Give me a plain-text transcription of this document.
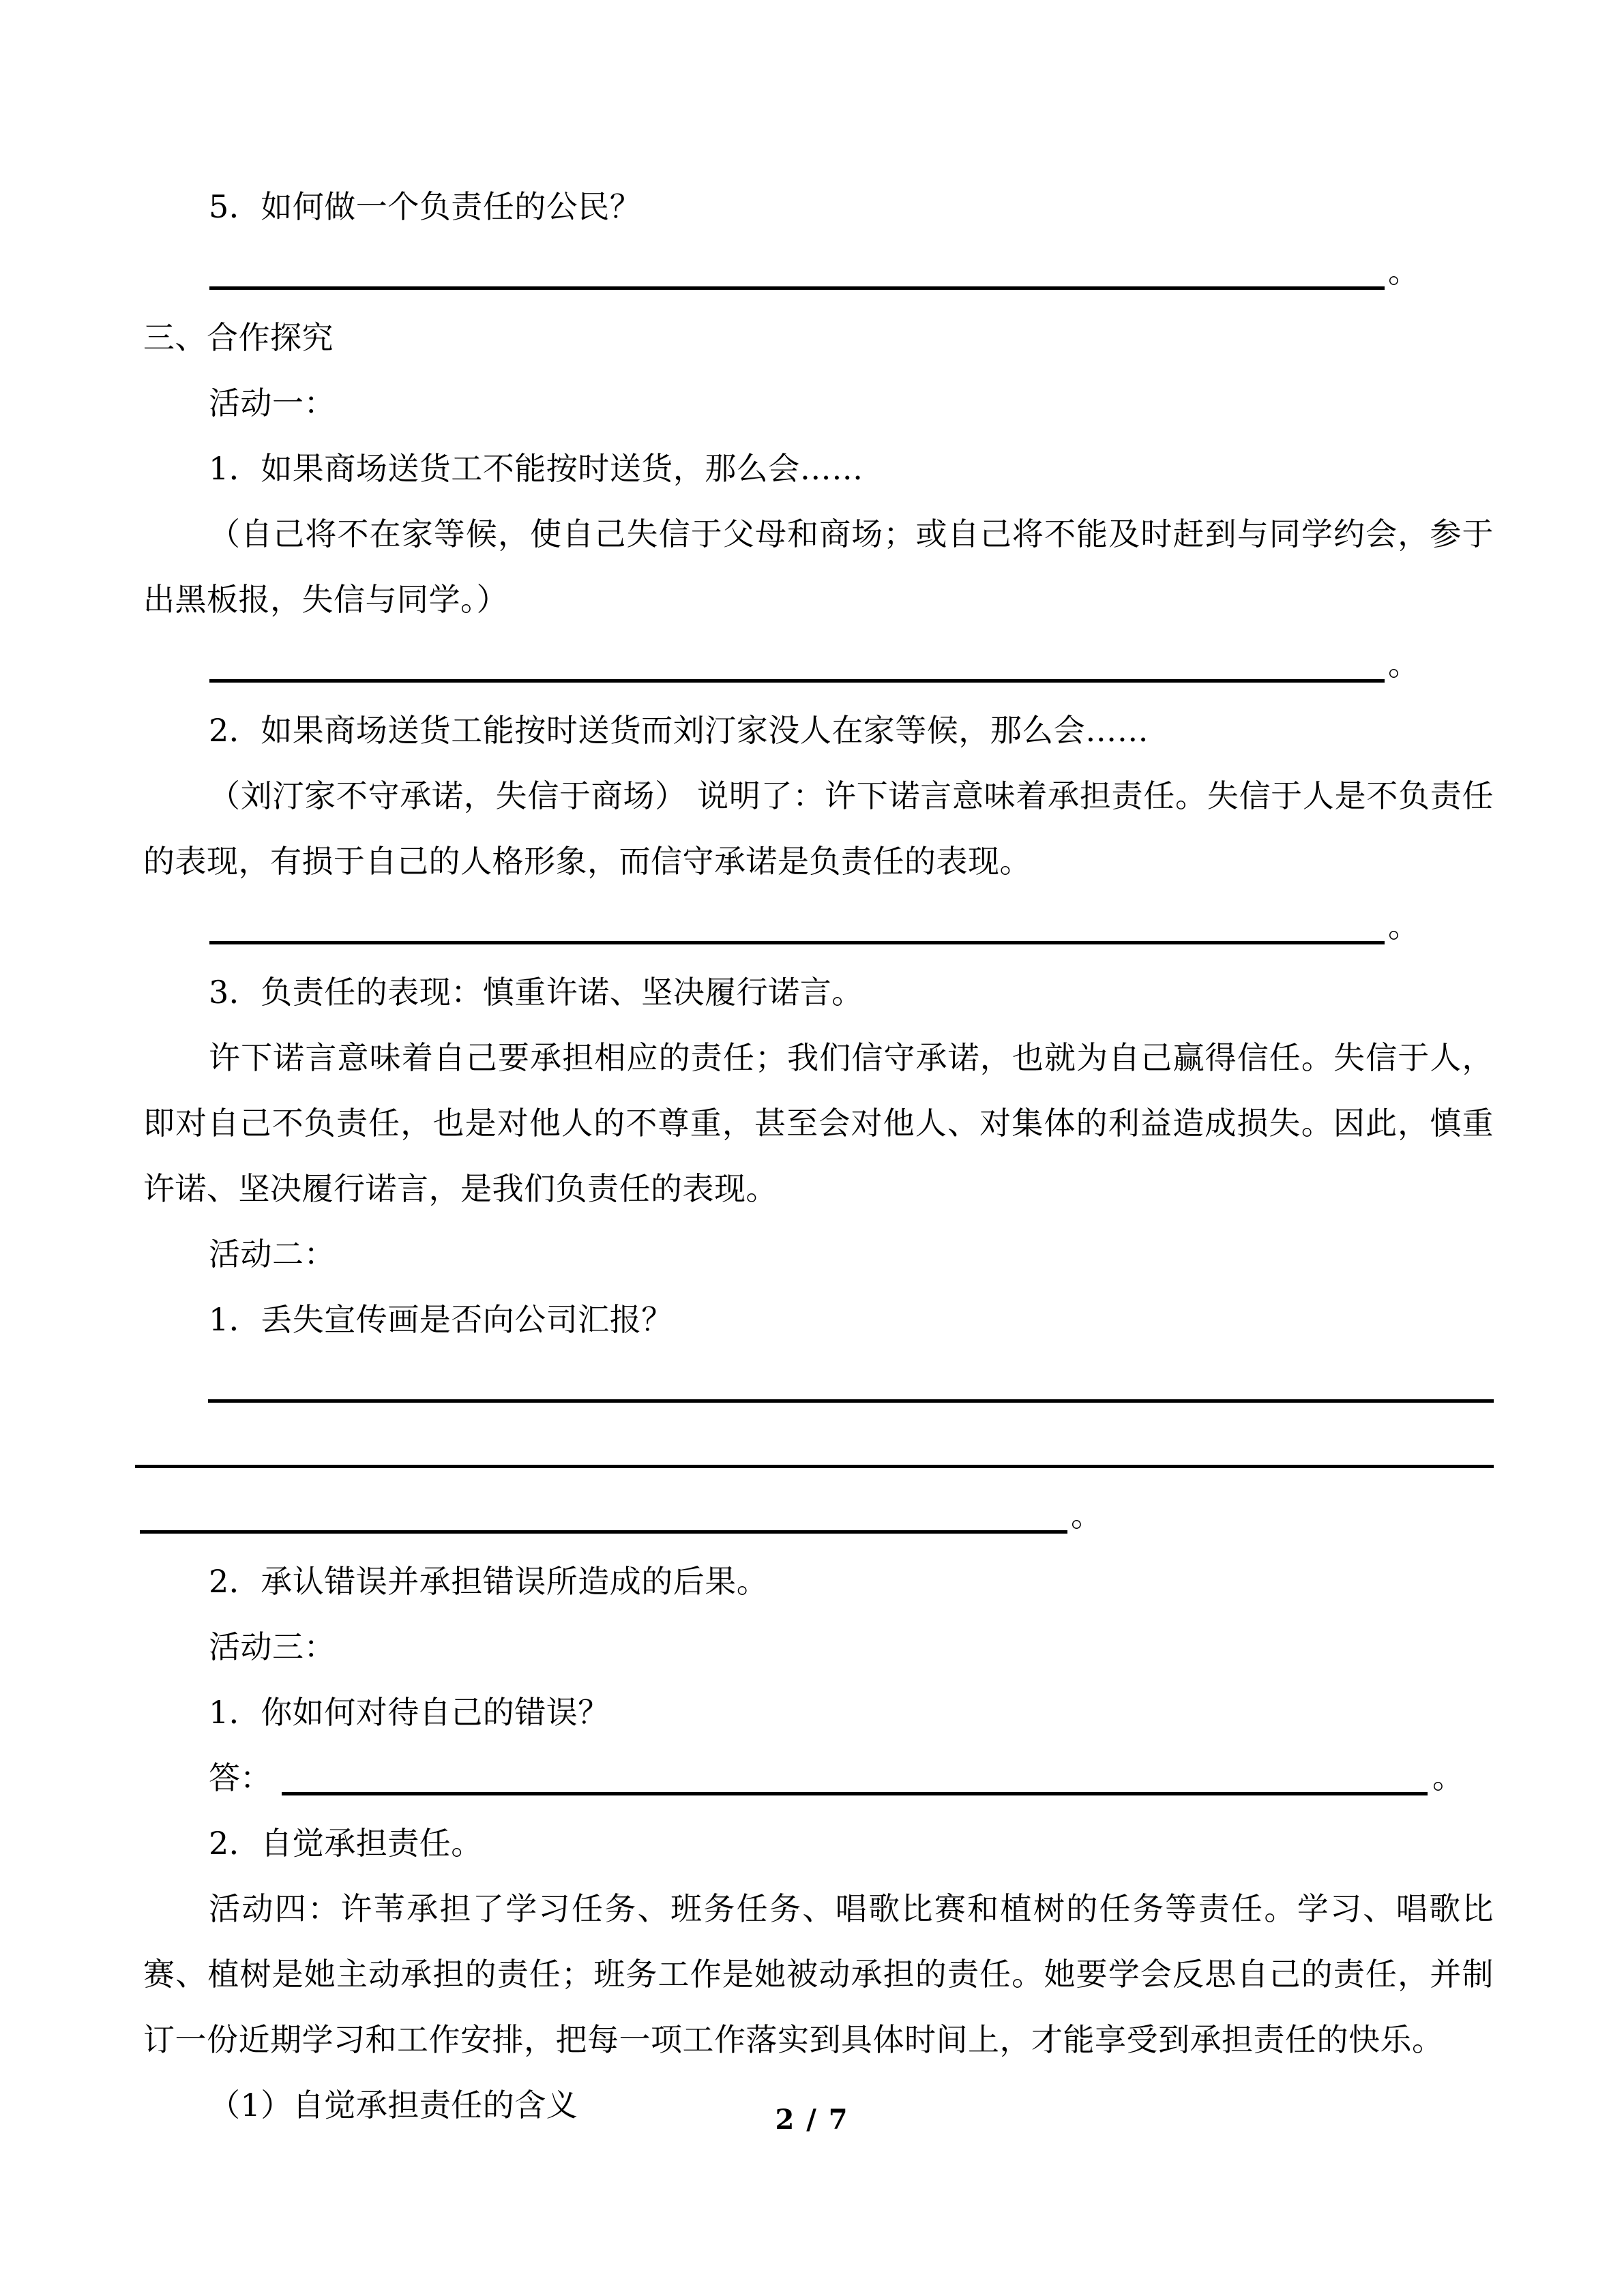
5．如何做一个负责任的公民？
。
三、合作探究
活动一：
1．如果商场送货工不能按时送货，那么会……
（自己将不在家等候，使自己失信于父母和商场；或自己将不能及时赶到与同学约会，参于出黑板报，失信与同学。）
。
2．如果商场送货工能按时送货而刘汀家没人在家等候，那么会……
（刘汀家不守承诺，失信于商场） 说明了：许下诺言意味着承担责任。失信于人是不负责任的表现，有损于自己的人格形象，而信守承诺是负责任的表现。
。
3．负责任的表现：慎重许诺、坚决履行诺言。
许下诺言意味着自己要承担相应的责任；我们信守承诺，也就为自己赢得信任。失信于人，即对自己不负责任，也是对他人的不尊重，甚至会对他人、对集体的利益造成损失。因此，慎重许诺、坚决履行诺言，是我们负责任的表现。
活动二：
1．丢失宣传画是否向公司汇报？
。
2．承认错误并承担错误所造成的后果。
活动三：
1．你如何对待自己的错误？
答：	。
2．自觉承担责任。
活动四：许苇承担了学习任务、班务任务、唱歌比赛和植树的任务等责任。学习、唱歌比赛、植树是她主动承担的责任；班务工作是她被动承担的责任。她要学会反思自己的责任，并制订一份近期学习和工作安排，把每一项工作落实到具体时间上，才能享受到承担责任的快乐。
（1）自觉承担责任的含义	2 / 7
